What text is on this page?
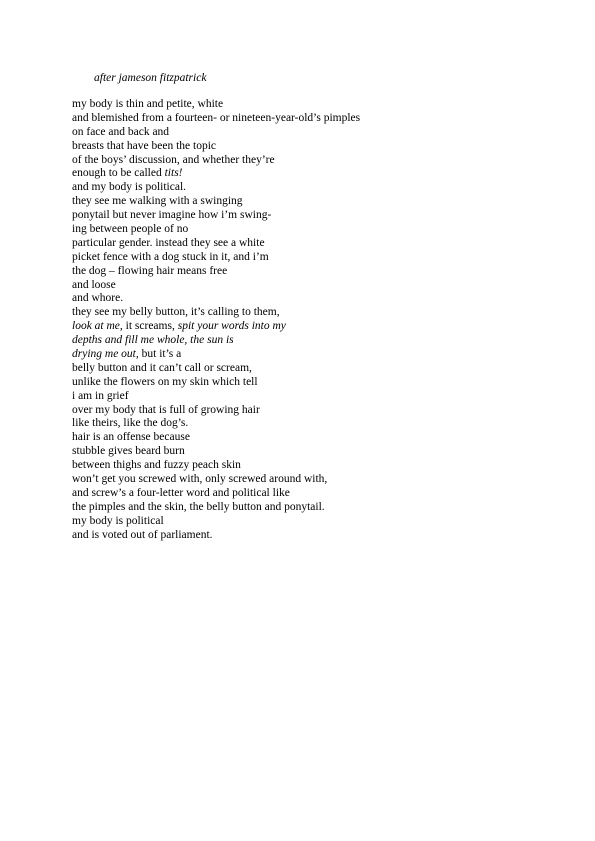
after jameson fitzpatrick
my body is thin and petite, white
and blemished from a fourteen- or nineteen-year-old’s pimples
on face and back and
breasts that have been the topic
of the boys’ discussion, and whether they’re
enough to be called tits!
and my body is political.
they see me walking with a swinging
ponytail but never imagine how i’m swing-
ing between people of no
particular gender. instead they see a white
picket fence with a dog stuck in it, and i’m
the dog – flowing hair means free
and loose
and whore.
they see my belly button, it’s calling to them,
look at me, it screams, spit your words into my
depths and fill me whole, the sun is
drying me out, but it’s a
belly button and it can’t call or scream,
unlike the flowers on my skin which tell
i am in grief
over my body that is full of growing hair
like theirs, like the dog’s.
hair is an offense because
stubble gives beard burn
between thighs and fuzzy peach skin
won’t get you screwed with, only screwed around with,
and screw’s a four-letter word and political like
the pimples and the skin, the belly button and ponytail.
my body is political
and is voted out of parliament.
